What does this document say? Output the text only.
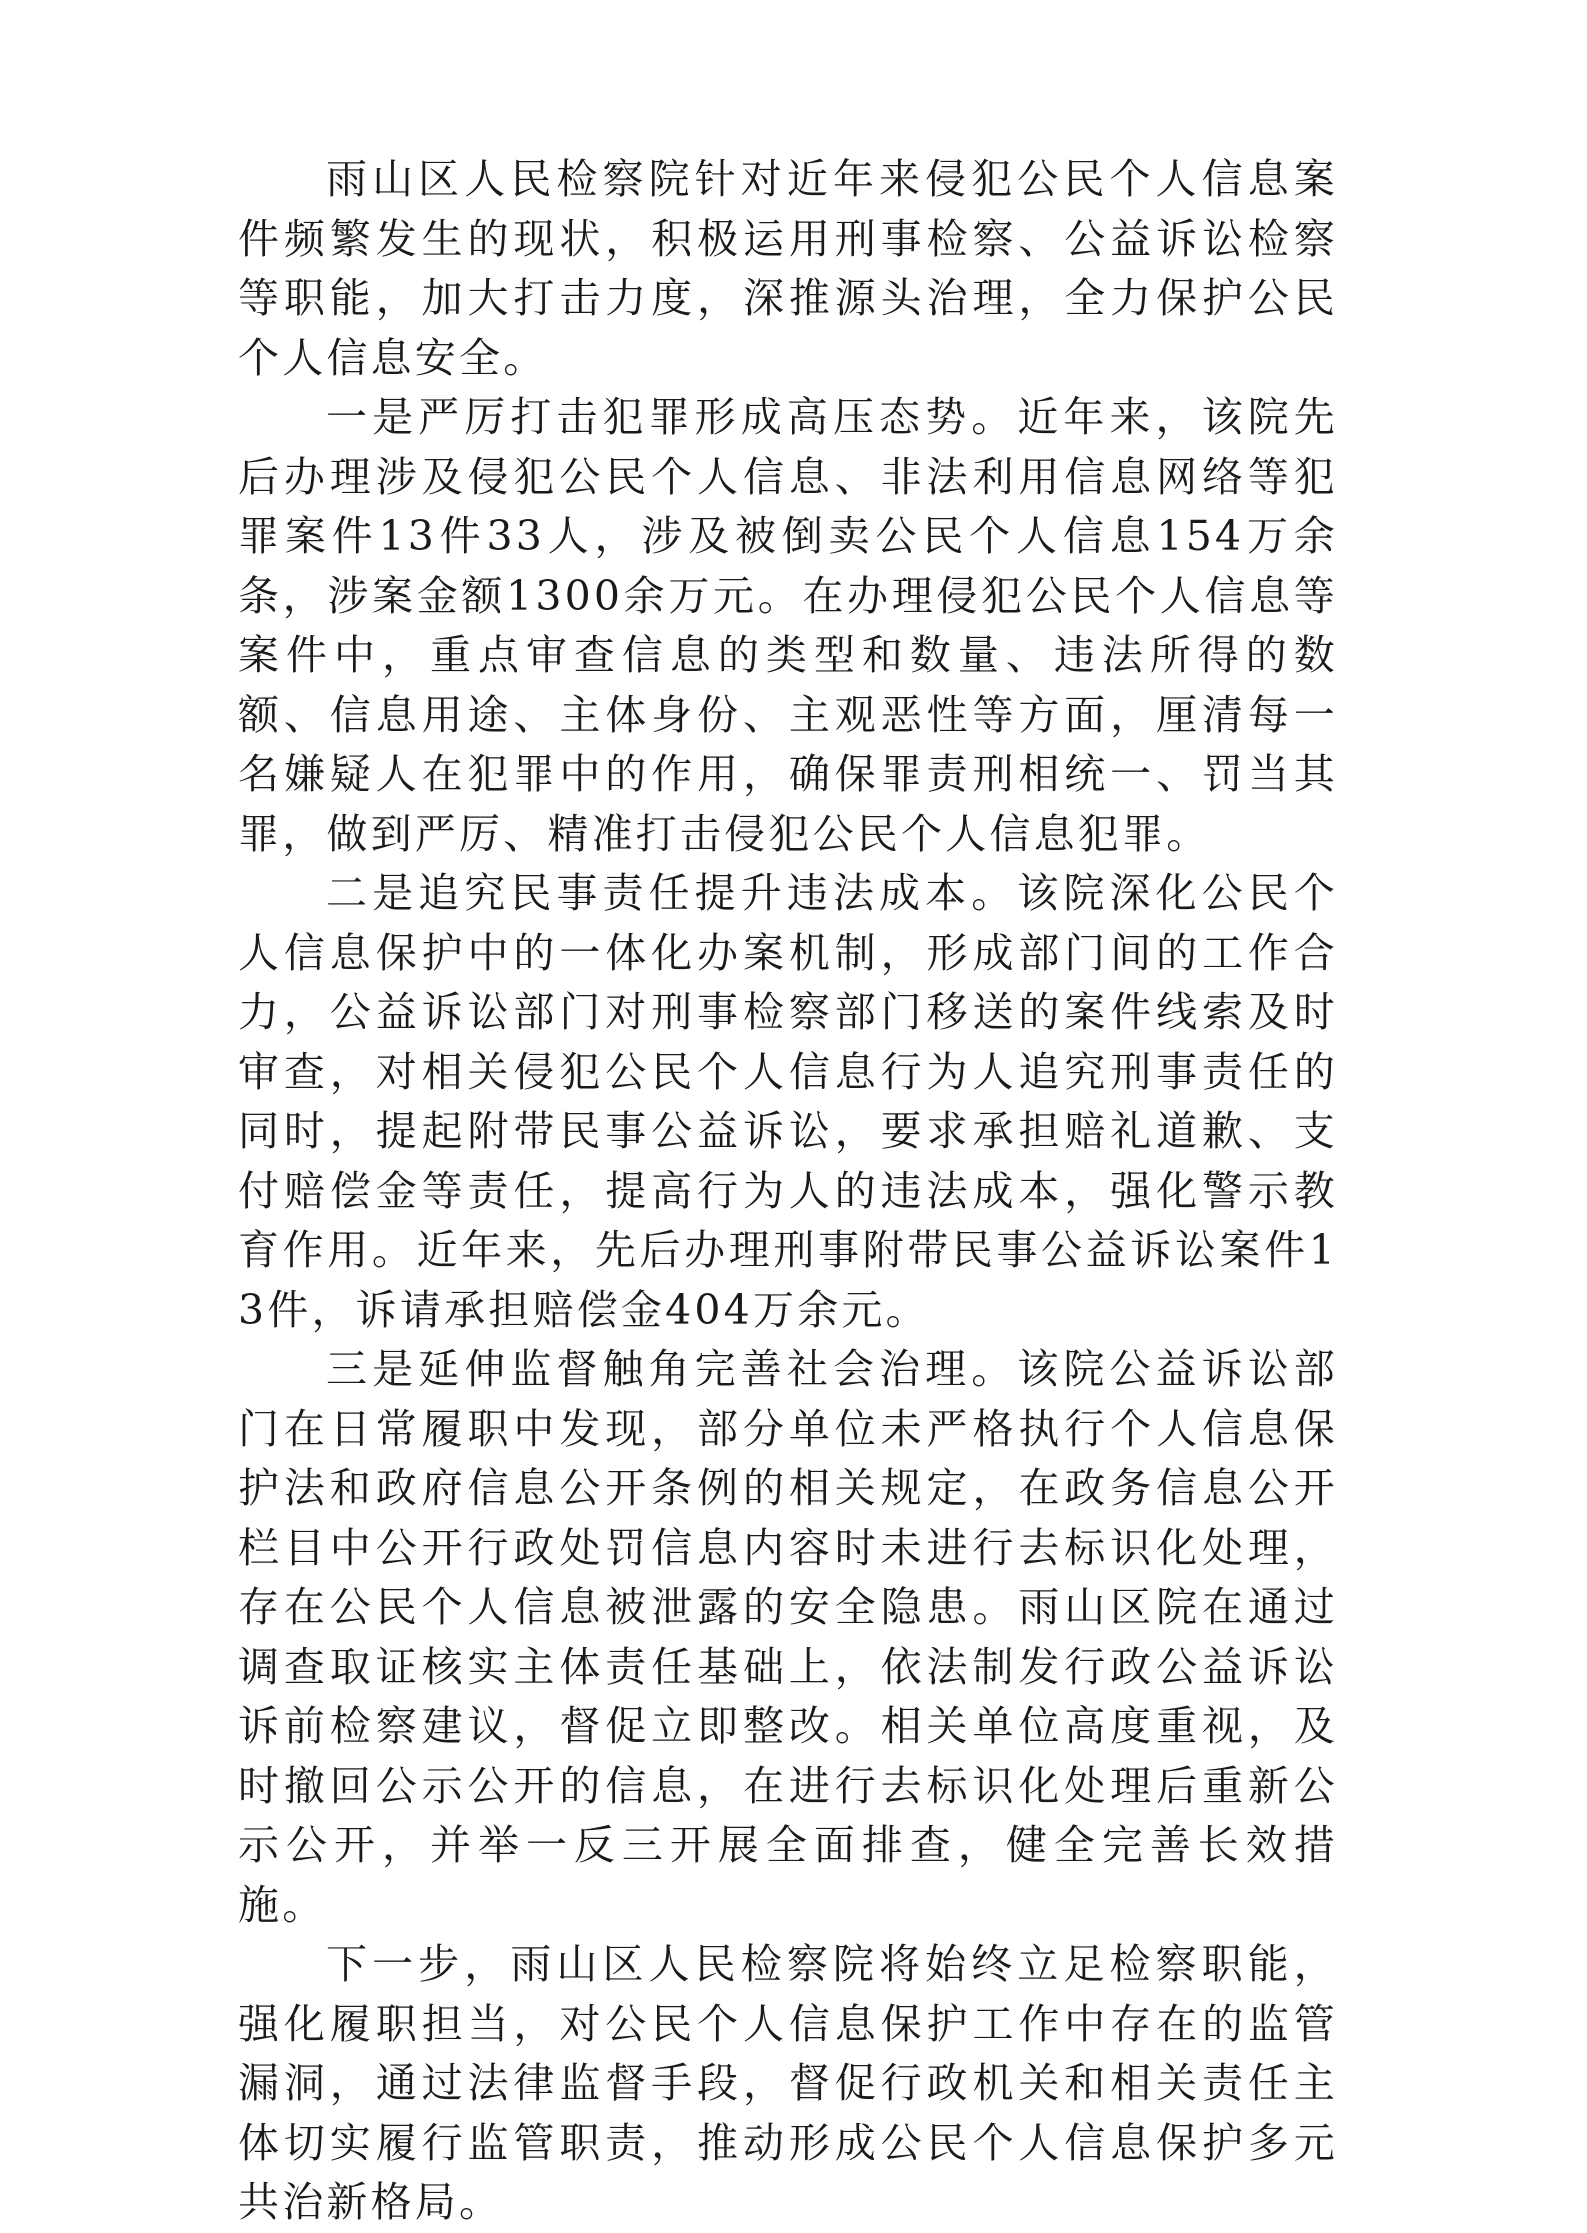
雨山区人民检察院针对近年来侵犯公民个人信息案件频繁发生的现状，积极运用刑事检察、公益诉讼检察等职能，加大打击力度，深推源头治理，全力保护公民个人信息安全。

一是严厉打击犯罪形成高压态势。近年来，该院先后办理涉及侵犯公民个人信息、非法利用信息网络等犯罪案件13件33人，涉及被倒卖公民个人信息154万余条，涉案金额1300余万元。在办理侵犯公民个人信息等案件中，重点审查信息的类型和数量、违法所得的数额、信息用途、主体身份、主观恶性等方面，厘清每一名嫌疑人在犯罪中的作用，确保罪责刑相统一、罚当其罪，做到严厉、精准打击侵犯公民个人信息犯罪。

二是追究民事责任提升违法成本。该院深化公民个人信息保护中的一体化办案机制，形成部门间的工作合力，公益诉讼部门对刑事检察部门移送的案件线索及时审查，对相关侵犯公民个人信息行为人追究刑事责任的同时，提起附带民事公益诉讼，要求承担赔礼道歉、支付赔偿金等责任，提高行为人的违法成本，强化警示教育作用。近年来，先后办理刑事附带民事公益诉讼案件13件，诉请承担赔偿金404万余元。

三是延伸监督触角完善社会治理。该院公益诉讼部门在日常履职中发现，部分单位未严格执行个人信息保护法和政府信息公开条例的相关规定，在政务信息公开栏目中公开行政处罚信息内容时未进行去标识化处理，存在公民个人信息被泄露的安全隐患。雨山区院在通过调查取证核实主体责任基础上，依法制发行政公益诉讼诉前检察建议，督促立即整改。相关单位高度重视，及时撤回公示公开的信息，在进行去标识化处理后重新公示公开，并举一反三开展全面排查，健全完善长效措施。

下一步，雨山区人民检察院将始终立足检察职能，强化履职担当，对公民个人信息保护工作中存在的监管漏洞，通过法律监督手段，督促行政机关和相关责任主体切实履行监管职责，推动形成公民个人信息保护多元共治新格局。
